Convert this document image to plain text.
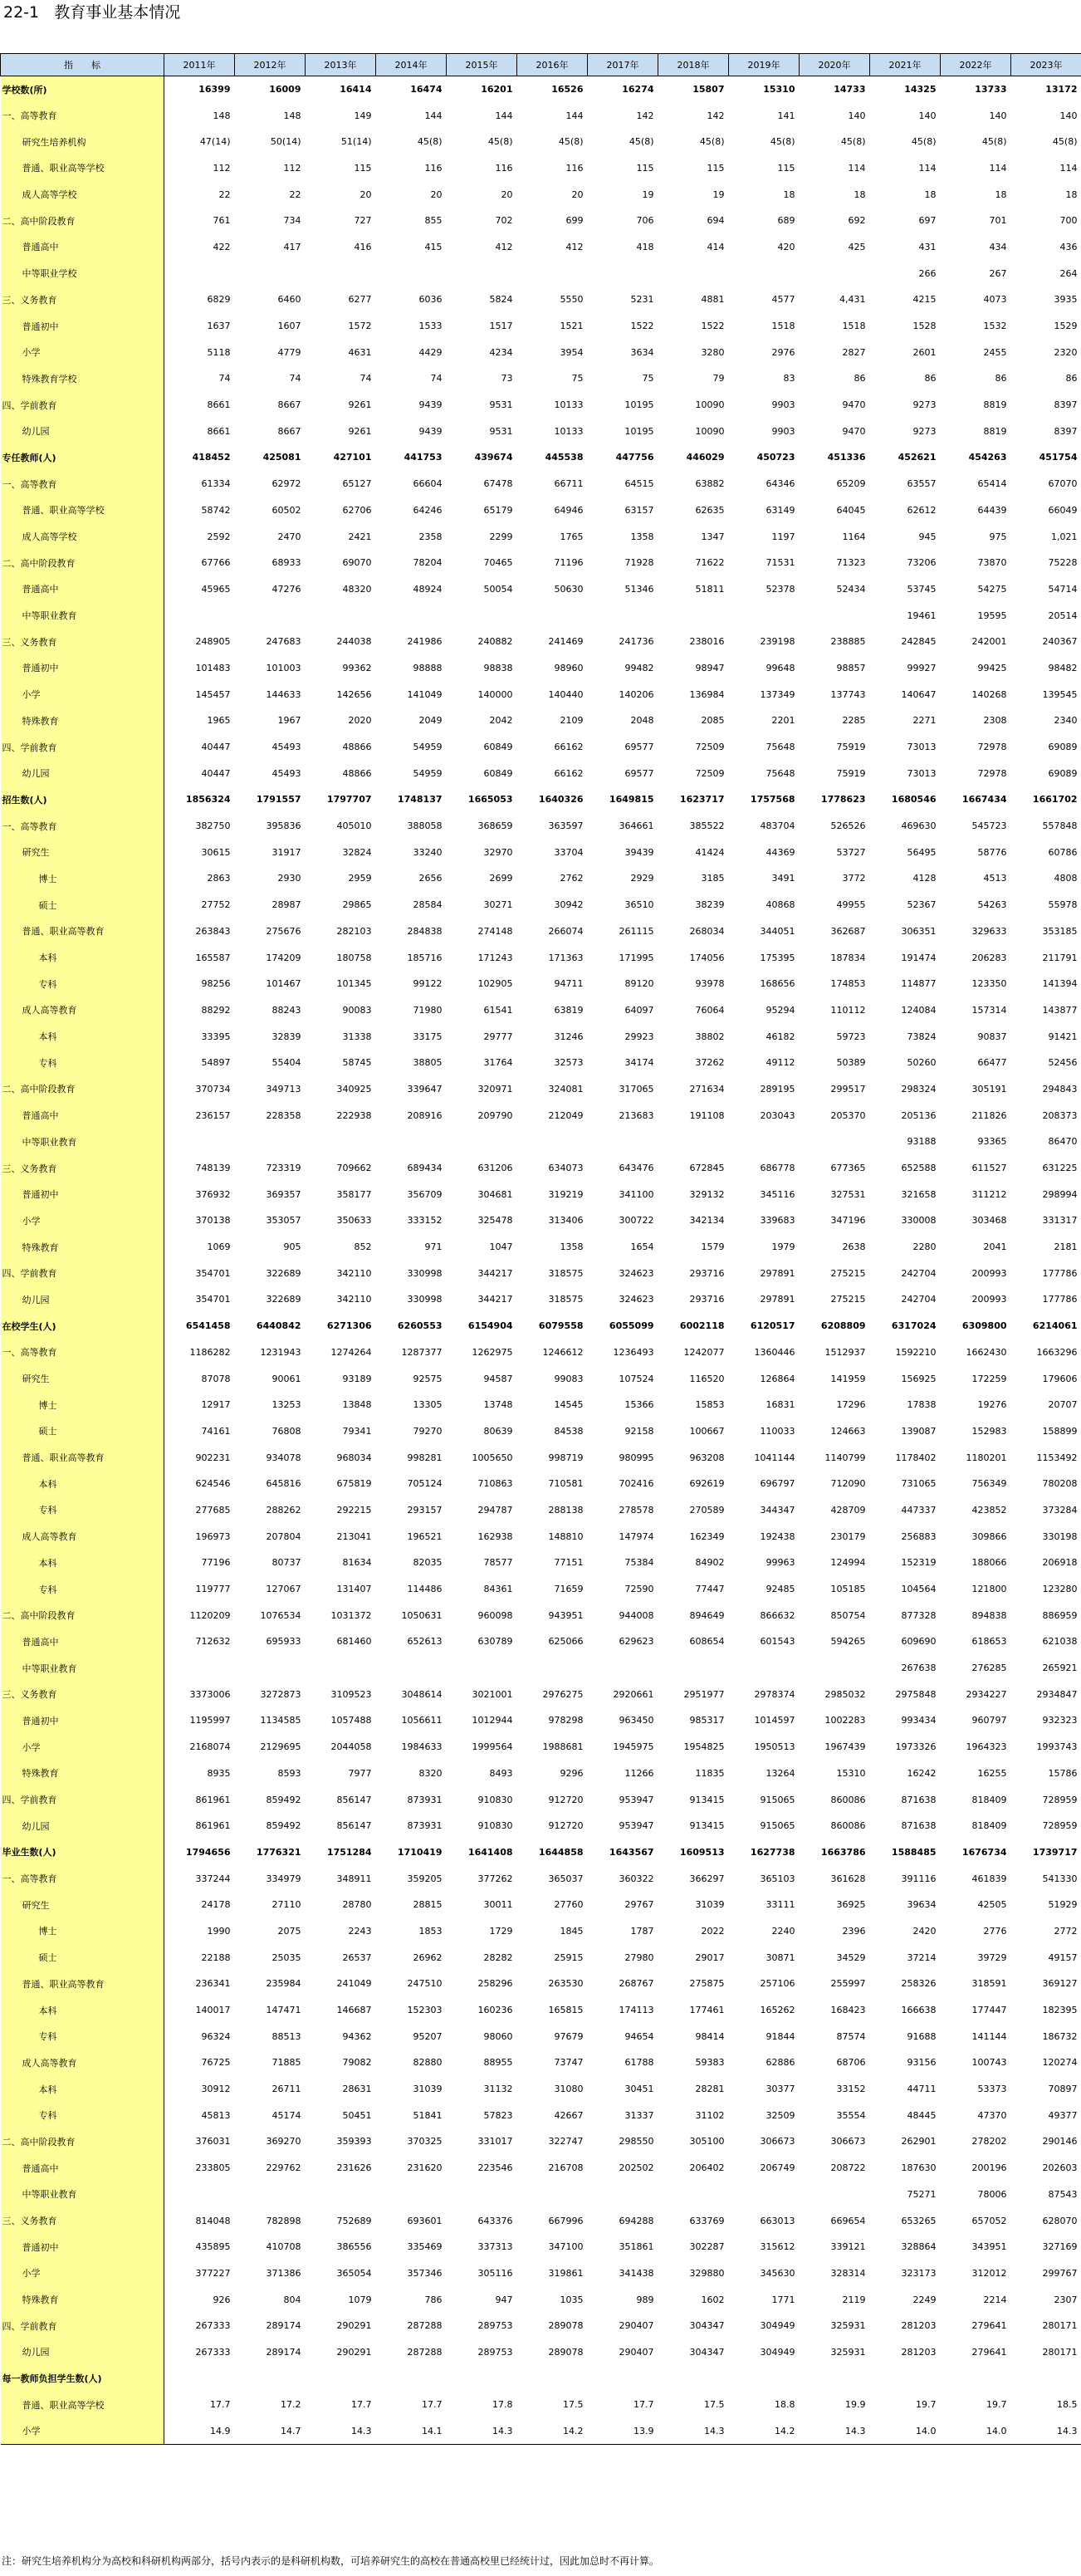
22-1   教育事业基本情况
指　　标	2011年	2012年	2013年	2014年	2015年	2016年	2017年	2018年	2019年	2020年	2021年	2022年	2023年
学校数(所)	16399	16009	16414	16474	16201	16526	16274	15807	15310	14733	14325	13733	13172
一、高等教育	148	148	149	144	144	144	142	142	141	140	140	140	140
研究生培养机构	47(14)	50(14)	51(14)	45(8)	45(8)	45(8)	45(8)	45(8)	45(8)	45(8)	45(8)	45(8)	45(8)
普通、职业高等学校	112	112	115	116	116	116	115	115	115	114	114	114	114
成人高等学校	22	22	20	20	20	20	19	19	18	18	18	18	18
二、高中阶段教育	761	734	727	855	702	699	706	694	689	692	697	701	700
普通高中	422	417	416	415	412	412	418	414	420	425	431	434	436
中等职业学校											266	267	264
三、义务教育	6829	6460	6277	6036	5824	5550	5231	4881	4577	4,431	4215	4073	3935
普通初中	1637	1607	1572	1533	1517	1521	1522	1522	1518	1518	1528	1532	1529
小学	5118	4779	4631	4429	4234	3954	3634	3280	2976	2827	2601	2455	2320
特殊教育学校	74	74	74	74	73	75	75	79	83	86	86	86	86
四、学前教育	8661	8667	9261	9439	9531	10133	10195	10090	9903	9470	9273	8819	8397
幼儿园	8661	8667	9261	9439	9531	10133	10195	10090	9903	9470	9273	8819	8397
专任教师(人)	418452	425081	427101	441753	439674	445538	447756	446029	450723	451336	452621	454263	451754
一、高等教育	61334	62972	65127	66604	67478	66711	64515	63882	64346	65209	63557	65414	67070
普通、职业高等学校	58742	60502	62706	64246	65179	64946	63157	62635	63149	64045	62612	64439	66049
成人高等学校	2592	2470	2421	2358	2299	1765	1358	1347	1197	1164	945	975	1,021
二、高中阶段教育	67766	68933	69070	78204	70465	71196	71928	71622	71531	71323	73206	73870	75228
普通高中	45965	47276	48320	48924	50054	50630	51346	51811	52378	52434	53745	54275	54714
中等职业教育											19461	19595	20514
三、义务教育	248905	247683	244038	241986	240882	241469	241736	238016	239198	238885	242845	242001	240367
普通初中	101483	101003	99362	98888	98838	98960	99482	98947	99648	98857	99927	99425	98482
小学	145457	144633	142656	141049	140000	140440	140206	136984	137349	137743	140647	140268	139545
特殊教育	1965	1967	2020	2049	2042	2109	2048	2085	2201	2285	2271	2308	2340
四、学前教育	40447	45493	48866	54959	60849	66162	69577	72509	75648	75919	73013	72978	69089
幼儿园	40447	45493	48866	54959	60849	66162	69577	72509	75648	75919	73013	72978	69089
招生数(人)	1856324	1791557	1797707	1748137	1665053	1640326	1649815	1623717	1757568	1778623	1680546	1667434	1661702
一、高等教育	382750	395836	405010	388058	368659	363597	364661	385522	483704	526526	469630	545723	557848
研究生	30615	31917	32824	33240	32970	33704	39439	41424	44369	53727	56495	58776	60786
博士	2863	2930	2959	2656	2699	2762	2929	3185	3491	3772	4128	4513	4808
硕士	27752	28987	29865	28584	30271	30942	36510	38239	40868	49955	52367	54263	55978
普通、职业高等教育	263843	275676	282103	284838	274148	266074	261115	268034	344051	362687	306351	329633	353185
本科	165587	174209	180758	185716	171243	171363	171995	174056	175395	187834	191474	206283	211791
专科	98256	101467	101345	99122	102905	94711	89120	93978	168656	174853	114877	123350	141394
成人高等教育	88292	88243	90083	71980	61541	63819	64097	76064	95294	110112	124084	157314	143877
本科	33395	32839	31338	33175	29777	31246	29923	38802	46182	59723	73824	90837	91421
专科	54897	55404	58745	38805	31764	32573	34174	37262	49112	50389	50260	66477	52456
二、高中阶段教育	370734	349713	340925	339647	320971	324081	317065	271634	289195	299517	298324	305191	294843
普通高中	236157	228358	222938	208916	209790	212049	213683	191108	203043	205370	205136	211826	208373
中等职业教育											93188	93365	86470
三、义务教育	748139	723319	709662	689434	631206	634073	643476	672845	686778	677365	652588	611527	631225
普通初中	376932	369357	358177	356709	304681	319219	341100	329132	345116	327531	321658	311212	298994
小学	370138	353057	350633	333152	325478	313406	300722	342134	339683	347196	330008	303468	331317
特殊教育	1069	905	852	971	1047	1358	1654	1579	1979	2638	2280	2041	2181
四、学前教育	354701	322689	342110	330998	344217	318575	324623	293716	297891	275215	242704	200993	177786
幼儿园	354701	322689	342110	330998	344217	318575	324623	293716	297891	275215	242704	200993	177786
在校学生(人)	6541458	6440842	6271306	6260553	6154904	6079558	6055099	6002118	6120517	6208809	6317024	6309800	6214061
一、高等教育	1186282	1231943	1274264	1287377	1262975	1246612	1236493	1242077	1360446	1512937	1592210	1662430	1663296
研究生	87078	90061	93189	92575	94587	99083	107524	116520	126864	141959	156925	172259	179606
博士	12917	13253	13848	13305	13748	14545	15366	15853	16831	17296	17838	19276	20707
硕士	74161	76808	79341	79270	80639	84538	92158	100667	110033	124663	139087	152983	158899
普通、职业高等教育	902231	934078	968034	998281	1005650	998719	980995	963208	1041144	1140799	1178402	1180201	1153492
本科	624546	645816	675819	705124	710863	710581	702416	692619	696797	712090	731065	756349	780208
专科	277685	288262	292215	293157	294787	288138	278578	270589	344347	428709	447337	423852	373284
成人高等教育	196973	207804	213041	196521	162938	148810	147974	162349	192438	230179	256883	309866	330198
本科	77196	80737	81634	82035	78577	77151	75384	84902	99963	124994	152319	188066	206918
专科	119777	127067	131407	114486	84361	71659	72590	77447	92485	105185	104564	121800	123280
二、高中阶段教育	1120209	1076534	1031372	1050631	960098	943951	944008	894649	866632	850754	877328	894838	886959
普通高中	712632	695933	681460	652613	630789	625066	629623	608654	601543	594265	609690	618653	621038
中等职业教育											267638	276285	265921
三、义务教育	3373006	3272873	3109523	3048614	3021001	2976275	2920661	2951977	2978374	2985032	2975848	2934227	2934847
普通初中	1195997	1134585	1057488	1056611	1012944	978298	963450	985317	1014597	1002283	993434	960797	932323
小学	2168074	2129695	2044058	1984633	1999564	1988681	1945975	1954825	1950513	1967439	1973326	1964323	1993743
特殊教育	8935	8593	7977	8320	8493	9296	11266	11835	13264	15310	16242	16255	15786
四、学前教育	861961	859492	856147	873931	910830	912720	953947	913415	915065	860086	871638	818409	728959
幼儿园	861961	859492	856147	873931	910830	912720	953947	913415	915065	860086	871638	818409	728959
毕业生数(人)	1794656	1776321	1751284	1710419	1641408	1644858	1643567	1609513	1627738	1663786	1588485	1676734	1739717
一、高等教育	337244	334979	348911	359205	377262	365037	360322	366297	365103	361628	391116	461839	541330
研究生	24178	27110	28780	28815	30011	27760	29767	31039	33111	36925	39634	42505	51929
博士	1990	2075	2243	1853	1729	1845	1787	2022	2240	2396	2420	2776	2772
硕士	22188	25035	26537	26962	28282	25915	27980	29017	30871	34529	37214	39729	49157
普通、职业高等教育	236341	235984	241049	247510	258296	263530	268767	275875	257106	255997	258326	318591	369127
本科	140017	147471	146687	152303	160236	165815	174113	177461	165262	168423	166638	177447	182395
专科	96324	88513	94362	95207	98060	97679	94654	98414	91844	87574	91688	141144	186732
成人高等教育	76725	71885	79082	82880	88955	73747	61788	59383	62886	68706	93156	100743	120274
本科	30912	26711	28631	31039	31132	31080	30451	28281	30377	33152	44711	53373	70897
专科	45813	45174	50451	51841	57823	42667	31337	31102	32509	35554	48445	47370	49377
二、高中阶段教育	376031	369270	359393	370325	331017	322747	298550	305100	306673	306673	262901	278202	290146
普通高中	233805	229762	231626	231620	223546	216708	202502	206402	206749	208722	187630	200196	202603
中等职业教育											75271	78006	87543
三、义务教育	814048	782898	752689	693601	643376	667996	694288	633769	663013	669654	653265	657052	628070
普通初中	435895	410708	386556	335469	337313	347100	351861	302287	315612	339121	328864	343951	327169
小学	377227	371386	365054	357346	305116	319861	341438	329880	345630	328314	323173	312012	299767
特殊教育	926	804	1079	786	947	1035	989	1602	1771	2119	2249	2214	2307
四、学前教育	267333	289174	290291	287288	289753	289078	290407	304347	304949	325931	281203	279641	280171
幼儿园	267333	289174	290291	287288	289753	289078	290407	304347	304949	325931	281203	279641	280171
每一教师负担学生数(人)													
普通、职业高等学校	17.7	17.2	17.7	17.7	17.8	17.5	17.7	17.5	18.8	19.9	19.7	19.7	18.5
小学	14.9	14.7	14.3	14.1	14.3	14.2	13.9	14.3	14.2	14.3	14.0	14.0	14.3
注：研究生培养机构分为高校和科研机构两部分，括号内表示的是科研机构数，可培养研究生的高校在普通高校里已经统计过，因此加总时不再计算。
